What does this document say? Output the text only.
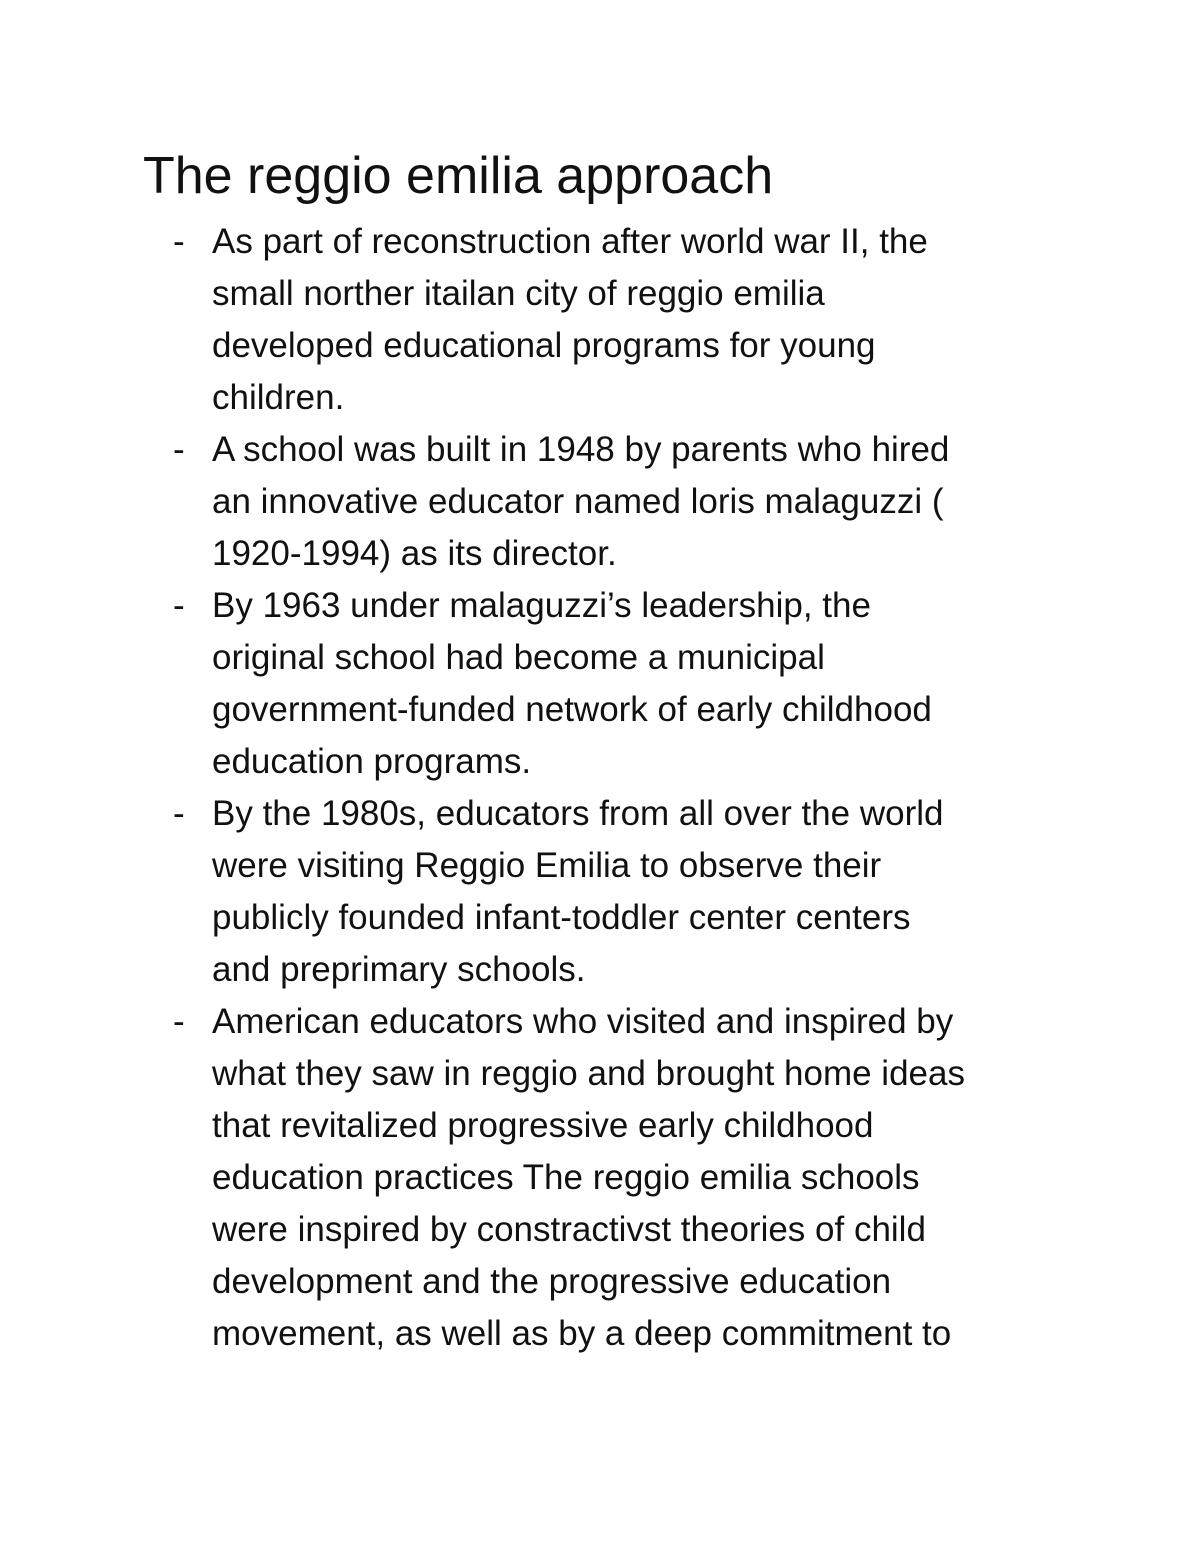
The reggio emilia approach
- As part of reconstruction after world war II, the
small norther itailan city of reggio emilia
developed educational programs for young
children.
- A school was built in 1948 by parents who hired
an innovative educator named loris malaguzzi (
1920-1994) as its director.
- By 1963 under malaguzzi’s leadership, the
original school had become a municipal
government-funded network of early childhood
education programs.
- By the 1980s, educators from all over the world
were visiting Reggio Emilia to observe their
publicly founded infant-toddler center centers
and preprimary schools.
- American educators who visited and inspired by
what they saw in reggio and brought home ideas
that revitalized progressive early childhood
education practices The reggio emilia schools
were inspired by constractivst theories of child
development and the progressive education
movement, as well as by a deep commitment to
